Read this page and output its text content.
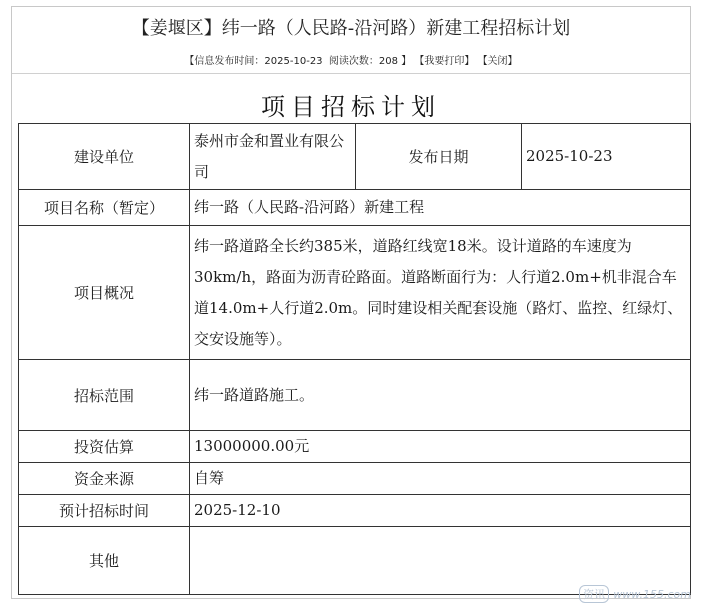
【姜堰区】纬一路（人民路-沿河路）新建工程招标计划
【信息发布时间：2025-10-23 阅读次数：208 】 【我要打印】 【关闭】
项目招标计划
建设单位	泰州市金和置业有限公司	发布日期	2025-10-23
项目名称（暂定）	纬一路（人民路-沿河路）新建工程		
项目概况	纬一路道路全长约385米，道路红线宽18米。设计道路的车速度为30km/h，路面为沥青砼路面。道路断面行为：人行道2.0m+机非混合车道14.0m+人行道2.0m。同时建设相关配套设施（路灯、监控、红绿灯、交安设施等）。		
招标范围	纬一路道路施工。		
投资估算	13000000.00元		
资金来源	自筹		
预计招标时间	2025-12-10		
其他			
资讯 www.155.com
